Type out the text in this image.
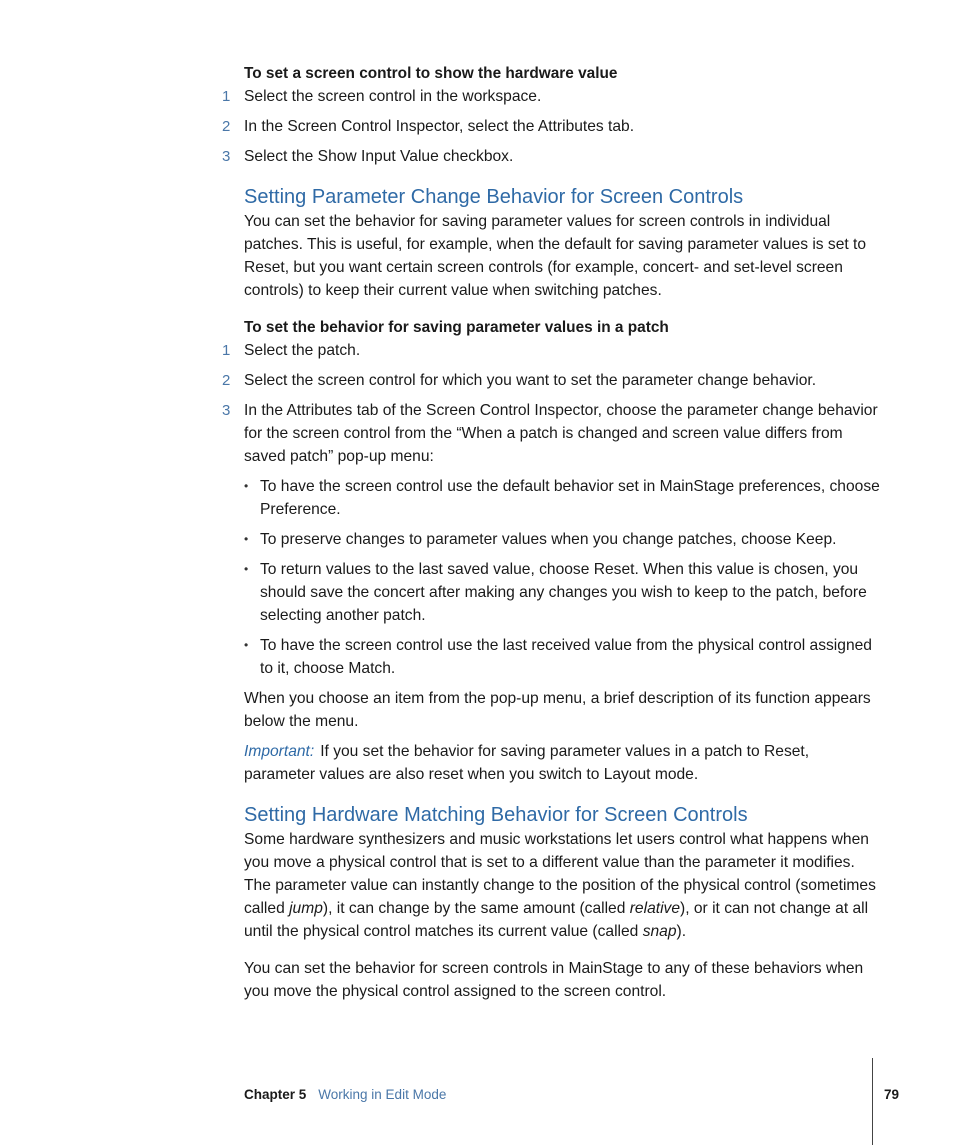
To set a screen control to show the hardware value

1 Select the screen control in the workspace.

2 In the Screen Control Inspector, select the Attributes tab.

3 Select the Show Input Value checkbox.

Setting Parameter Change Behavior for Screen Controls

You can set the behavior for saving parameter values for screen controls in individual patches. This is useful, for example, when the default for saving parameter values is set to Reset, but you want certain screen controls (for example, concert- and set-level screen controls) to keep their current value when switching patches.

To set the behavior for saving parameter values in a patch

1 Select the patch.

2 Select the screen control for which you want to set the parameter change behavior.

3 In the Attributes tab of the Screen Control Inspector, choose the parameter change behavior for the screen control from the “When a patch is changed and screen value differs from saved patch” pop-up menu:

• To have the screen control use the default behavior set in MainStage preferences, choose Preference.

• To preserve changes to parameter values when you change patches, choose Keep.

• To return values to the last saved value, choose Reset. When this value is chosen, you should save the concert after making any changes you wish to keep to the patch, before selecting another patch.

• To have the screen control use the last received value from the physical control assigned to it, choose Match.

When you choose an item from the pop-up menu, a brief description of its function appears below the menu.

Important: If you set the behavior for saving parameter values in a patch to Reset, parameter values are also reset when you switch to Layout mode.

Setting Hardware Matching Behavior for Screen Controls

Some hardware synthesizers and music workstations let users control what happens when you move a physical control that is set to a different value than the parameter it modifies. The parameter value can instantly change to the position of the physical control (sometimes called jump), it can change by the same amount (called relative), or it can not change at all until the physical control matches its current value (called snap).

You can set the behavior for screen controls in MainStage to any of these behaviors when you move the physical control assigned to the screen control.

Chapter 5 Working in Edit Mode	79
